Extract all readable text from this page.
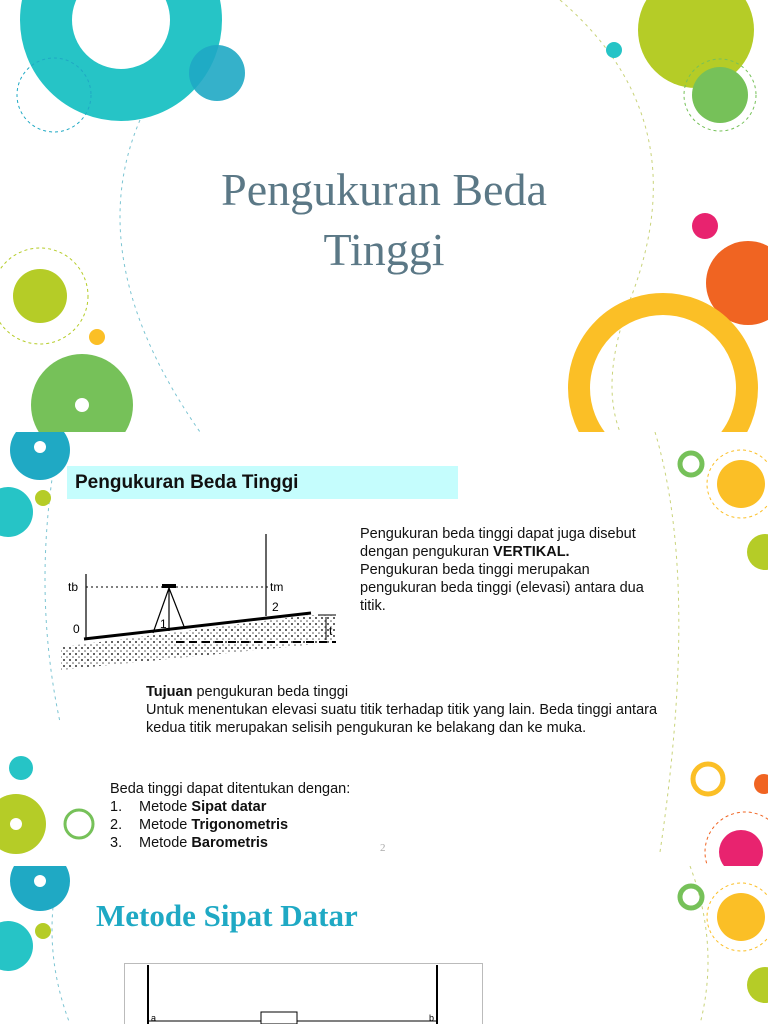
Pengukuran Beda
Tinggi
Pengukuran Beda Tinggi
tb	tm
0	1
2
t
Pengukuran beda tinggi dapat juga disebut dengan pengukuran VERTIKAL.
Pengukuran beda tinggi merupakan pengukuran beda tinggi (elevasi) antara dua titik.
Tujuan pengukuran beda tinggi
Untuk menentukan elevasi suatu titik terhadap titik yang lain. Beda tinggi antara kedua titik merupakan selisih pengukuran ke belakang dan ke muka.
Beda tinggi dapat ditentukan dengan:
1.	Metode Sipat datar
2.	Metode Trigonometris
3.	Metode Barometris	2
Metode Sipat Datar
a	b
